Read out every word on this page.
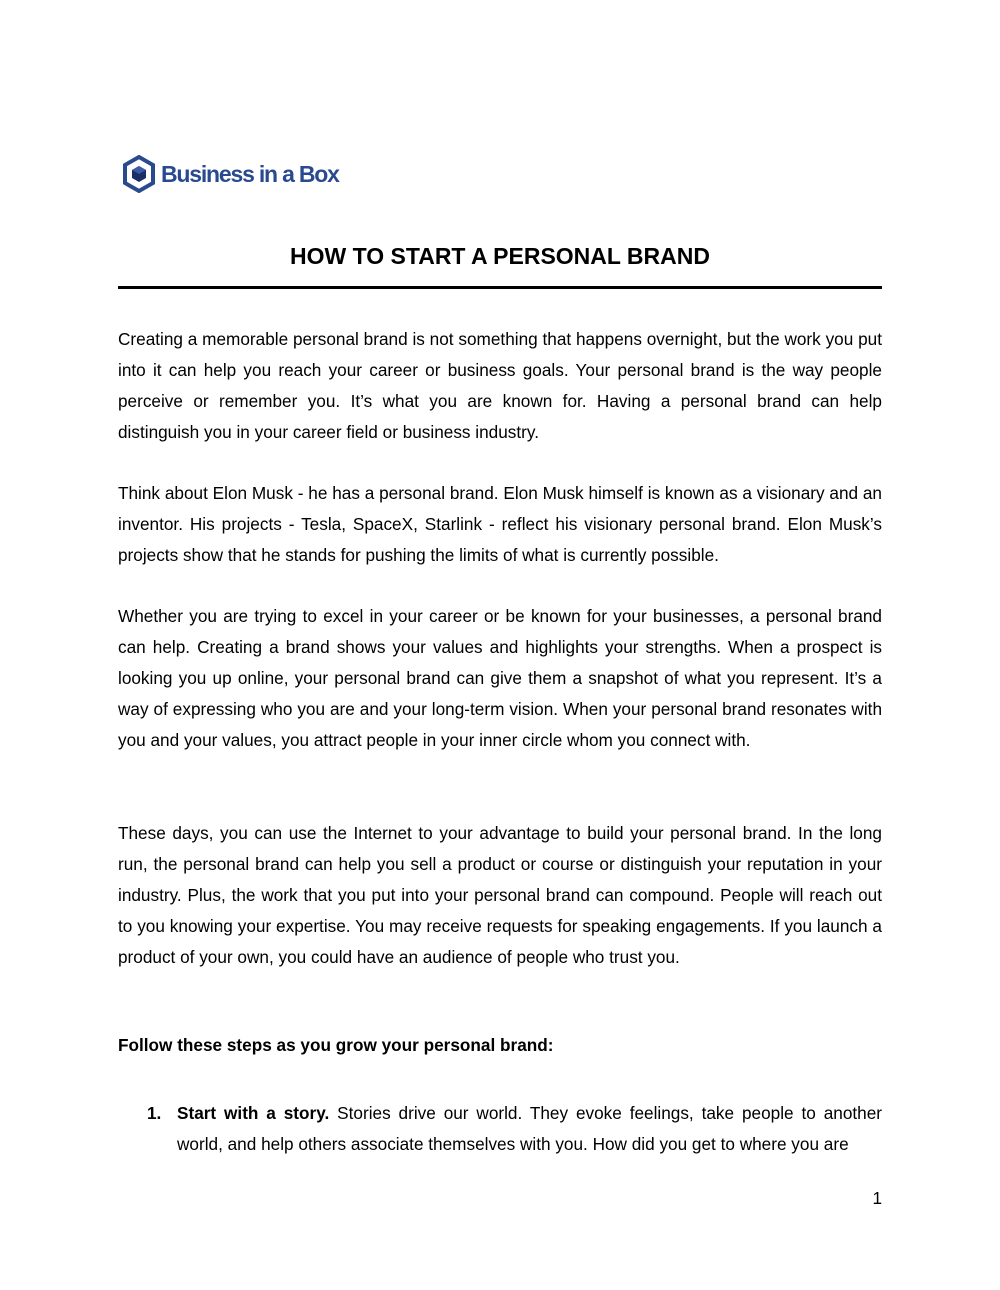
Business in a Box
HOW TO START A PERSONAL BRAND

Creating a memorable personal brand is not something that happens overnight, but the work you put into it can help you reach your career or business goals. Your personal brand is the way people perceive or remember you. It’s what you are known for. Having a personal brand can help distinguish you in your career field or business industry.

Think about Elon Musk - he has a personal brand. Elon Musk himself is known as a visionary and an inventor. His projects - Tesla, SpaceX, Starlink - reflect his visionary personal brand. Elon Musk’s projects show that he stands for pushing the limits of what is currently possible.

Whether you are trying to excel in your career or be known for your businesses, a personal brand can help. Creating a brand shows your values and highlights your strengths. When a prospect is looking you up online, your personal brand can give them a snapshot of what you represent. It’s a way of expressing who you are and your long-term vision. When your personal brand resonates with you and your values, you attract people in your inner circle whom you connect with.

These days, you can use the Internet to your advantage to build your personal brand. In the long run, the personal brand can help you sell a product or course or distinguish your reputation in your industry. Plus, the work that you put into your personal brand can compound. People will reach out to you knowing your expertise. You may receive requests for speaking engagements. If you launch a product of your own, you could have an audience of people who trust you.

Follow these steps as you grow your personal brand:
1. Start with a story. Stories drive our world. They evoke feelings, take people to another world, and help others associate themselves with you. How did you get to where you are
1
